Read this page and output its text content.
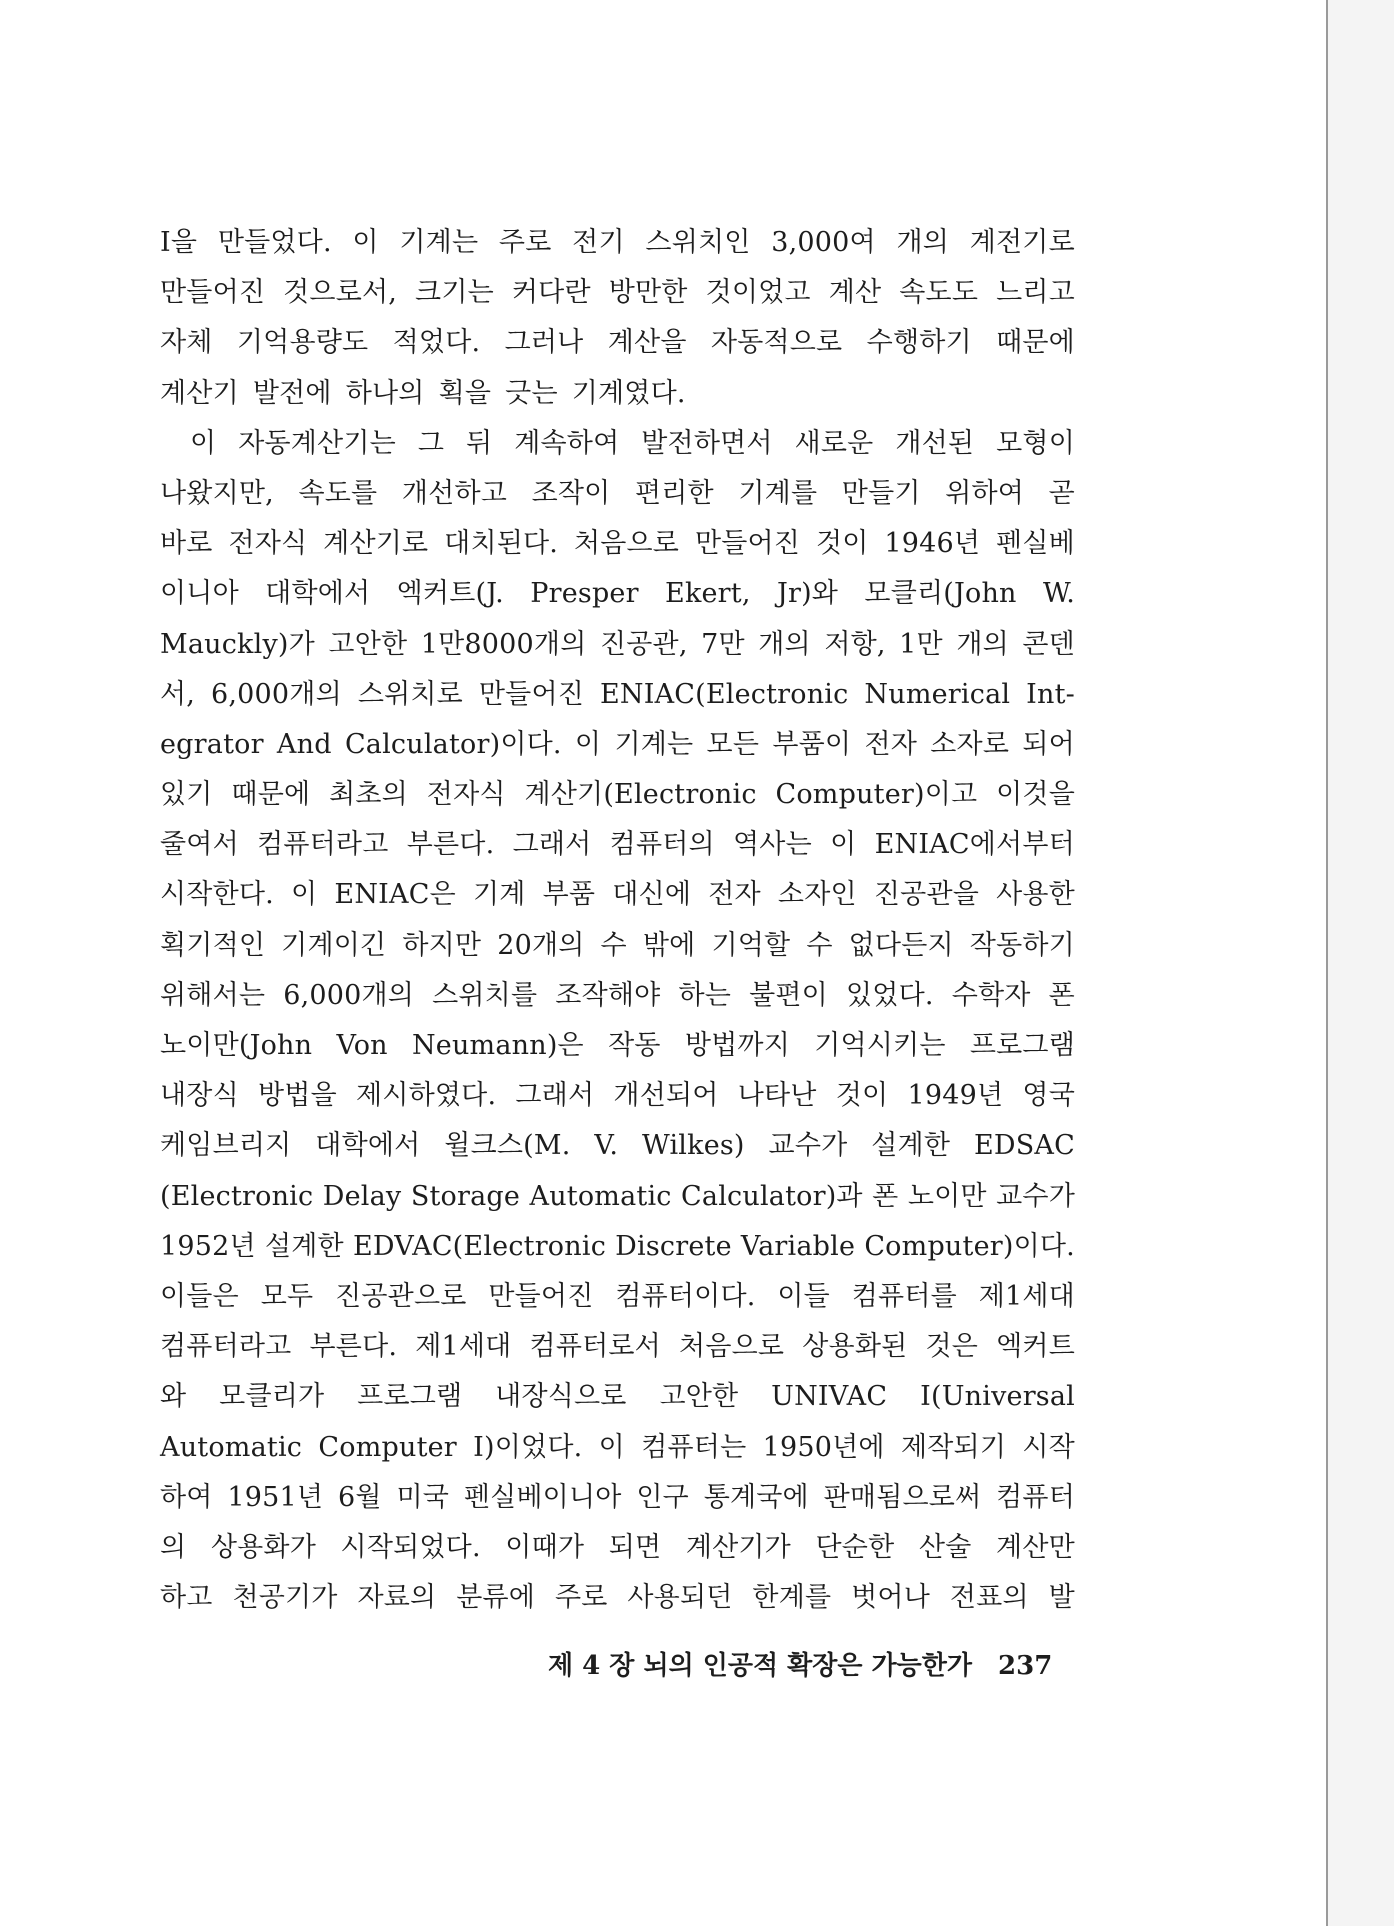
Ⅰ을 만들었다. 이 기계는 주로 전기 스위치인 3,000여 개의 계전기로
만들어진 것으로서, 크기는 커다란 방만한 것이었고 계산 속도도 느리고
자체 기억용량도 적었다. 그러나 계산을 자동적으로 수행하기 때문에
계산기 발전에 하나의 획을 긋는 기계였다.
이 자동계산기는 그 뒤 계속하여 발전하면서 새로운 개선된 모형이
나왔지만, 속도를 개선하고 조작이 편리한 기계를 만들기 위하여 곧
바로 전자식 계산기로 대치된다. 처음으로 만들어진 것이 1946년 펜실베
이니아 대학에서 엑커트(J. Presper Ekert, Jr)와 모클리(John W.
Mauckly)가 고안한 1만8000개의 진공관, 7만 개의 저항, 1만 개의 콘덴
서, 6,000개의 스위치로 만들어진 ENIAC(Electronic Numerical Int-
egrator And Calculator)이다. 이 기계는 모든 부품이 전자 소자로 되어
있기 때문에 최초의 전자식 계산기(Electronic Computer)이고 이것을
줄여서 컴퓨터라고 부른다. 그래서 컴퓨터의 역사는 이 ENIAC에서부터
시작한다. 이 ENIAC은 기계 부품 대신에 전자 소자인 진공관을 사용한
획기적인 기계이긴 하지만 20개의 수 밖에 기억할 수 없다든지 작동하기
위해서는 6,000개의 스위치를 조작해야 하는 불편이 있었다. 수학자 폰
노이만(John Von Neumann)은 작동 방법까지 기억시키는 프로그램
내장식 방법을 제시하였다. 그래서 개선되어 나타난 것이 1949년 영국
케임브리지 대학에서 윌크스(M. V. Wilkes) 교수가 설계한 EDSAC
(Electronic Delay Storage Automatic Calculator)과 폰 노이만 교수가
1952년 설계한 EDVAC(Electronic Discrete Variable Computer)이다.
이들은 모두 진공관으로 만들어진 컴퓨터이다. 이들 컴퓨터를 제1세대
컴퓨터라고 부른다. 제1세대 컴퓨터로서 처음으로 상용화된 것은 엑커트
와 모클리가 프로그램 내장식으로 고안한 UNIVAC Ⅰ(Universal
Automatic Computer Ⅰ)이었다. 이 컴퓨터는 1950년에 제작되기 시작
하여 1951년 6월 미국 펜실베이니아 인구 통계국에 판매됨으로써 컴퓨터
의 상용화가 시작되었다. 이때가 되면 계산기가 단순한 산술 계산만
하고 천공기가 자료의 분류에 주로 사용되던 한계를 벗어나 전표의 발
제 4 장 뇌의 인공적 확장은 가능한가 237
